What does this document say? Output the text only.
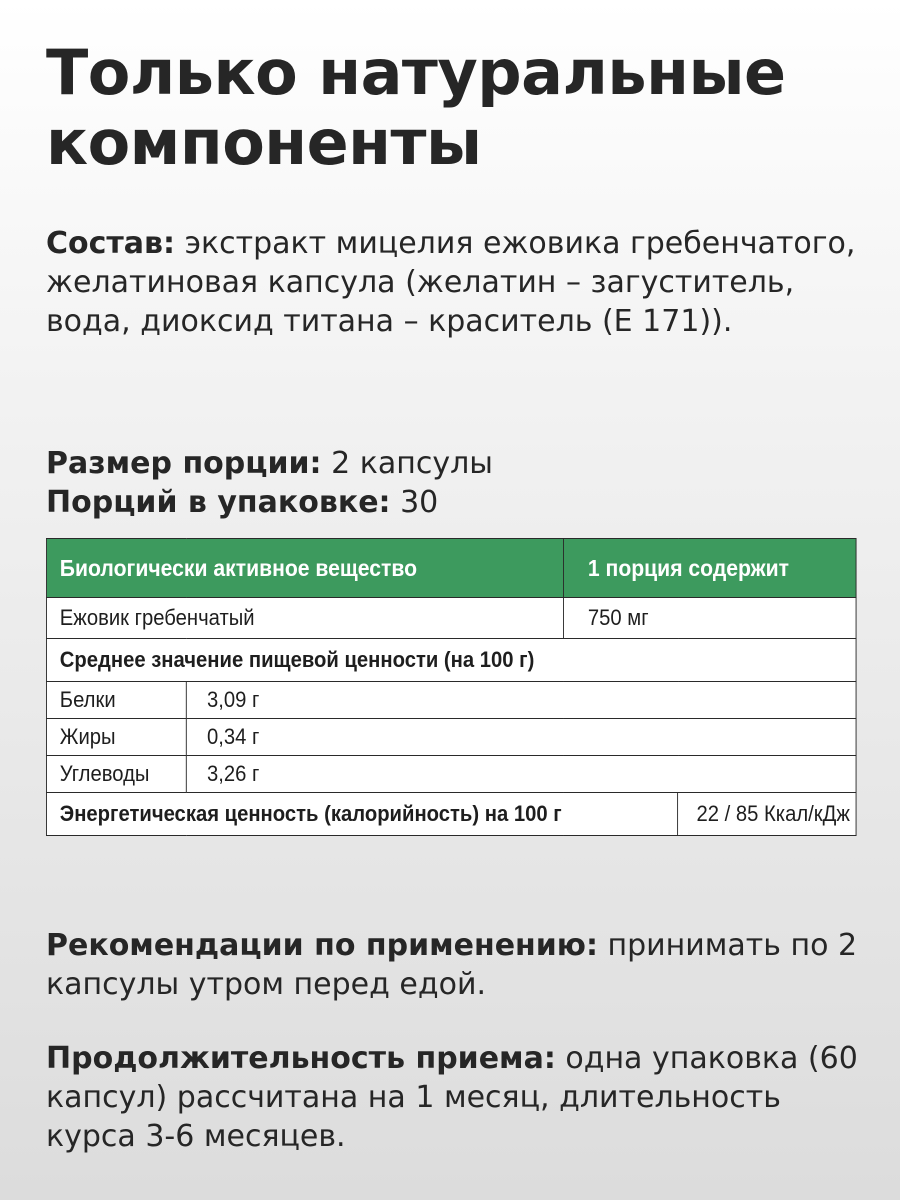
Только натуральные компоненты

Состав: экстракт мицелия ежовика гребенчатого, желатиновая капсула (желатин – загуститель, вода, диоксид титана – краситель (E 171)).

Размер порции: 2 капсулы

Порций в упаковке: 30

Биологически активное вещество		1 порция содержит	
Ежовик гребенчатый		750 мг	
Среднее значение пищевой ценности (на 100 г)			
Белки	3,09 г		
Жиры	0,34 г		
Углеводы	3,26 г		
Энергетическая ценность (калорийность) на 100 г			22 / 85 Ккал/кДж

Рекомендации по применению: принимать по 2 капсулы утром перед едой.

Продолжительность приема: одна упаковка (60 капсул) рассчитана на 1 месяц, длительность курса 3-6 месяцев.
